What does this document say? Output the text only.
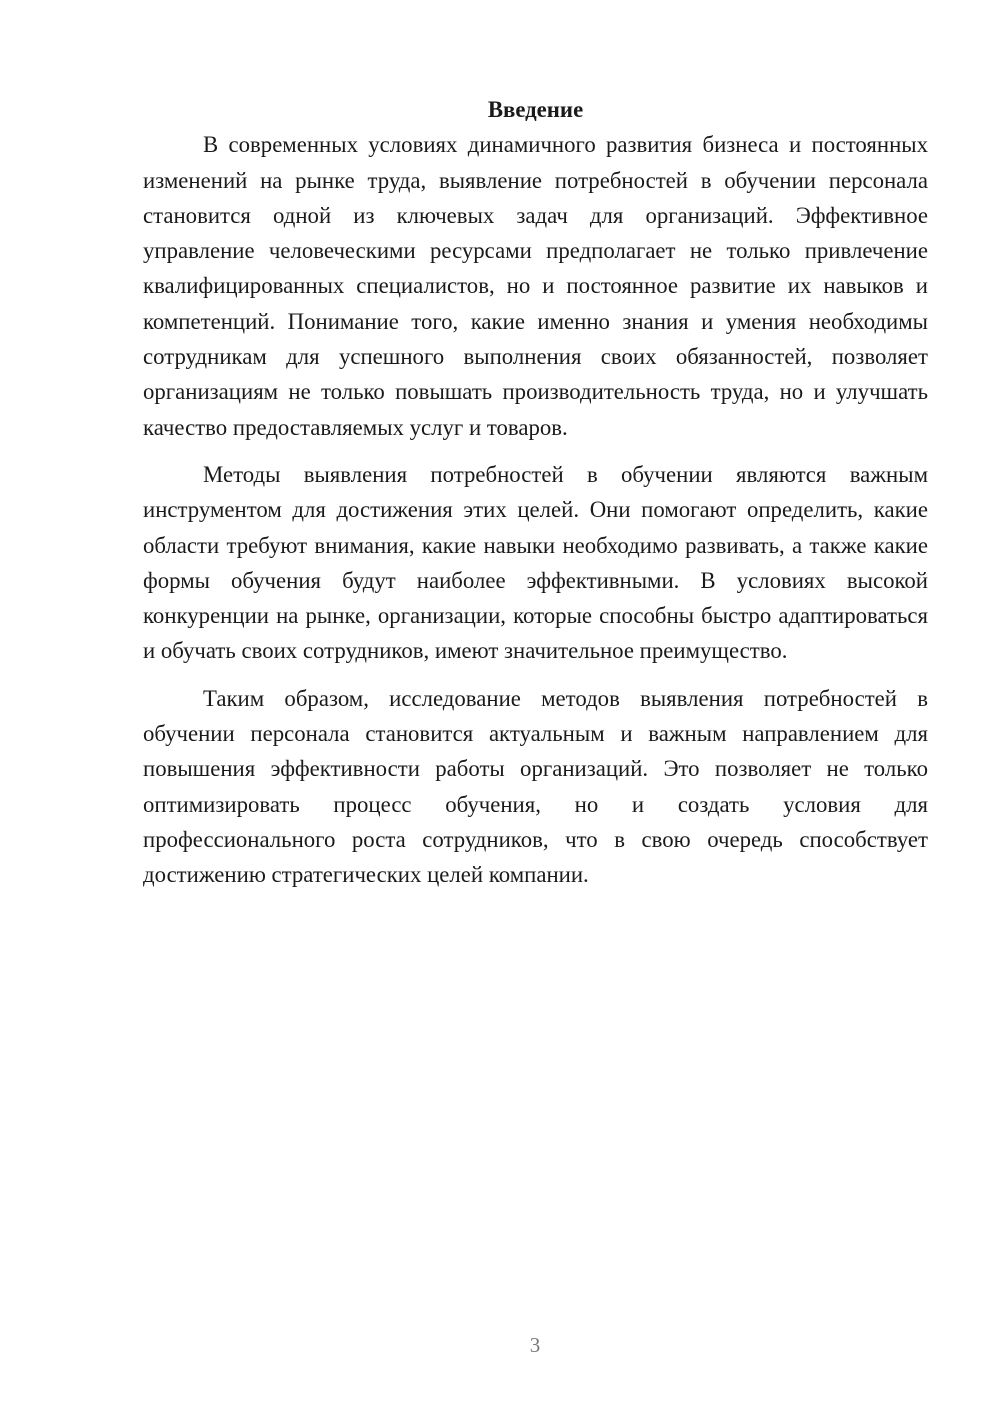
Введение

В современных условиях динамичного развития бизнеса и постоянных изменений на рынке труда, выявление потребностей в обучении персонала становится одной из ключевых задач для организаций. Эффективное управление человеческими ресурсами предполагает не только привлечение квалифицированных специалистов, но и постоянное развитие их навыков и компетенций. Понимание того, какие именно знания и умения необходимы сотрудникам для успешного выполнения своих обязанностей, позволяет организациям не только повышать производительность труда, но и улучшать качество предоставляемых услуг и товаров.

Методы выявления потребностей в обучении являются важным инструментом для достижения этих целей. Они помогают определить, какие области требуют внимания, какие навыки необходимо развивать, а также какие формы обучения будут наиболее эффективными. В условиях высокой конкуренции на рынке, организации, которые способны быстро адаптироваться и обучать своих сотрудников, имеют значительное преимущество.

Таким образом, исследование методов выявления потребностей в обучении персонала становится актуальным и важным направлением для повышения эффективности работы организаций. Это позволяет не только оптимизировать процесс обучения, но и создать условия для профессионального роста сотрудников, что в свою очередь способствует достижению стратегических целей компании.

3
